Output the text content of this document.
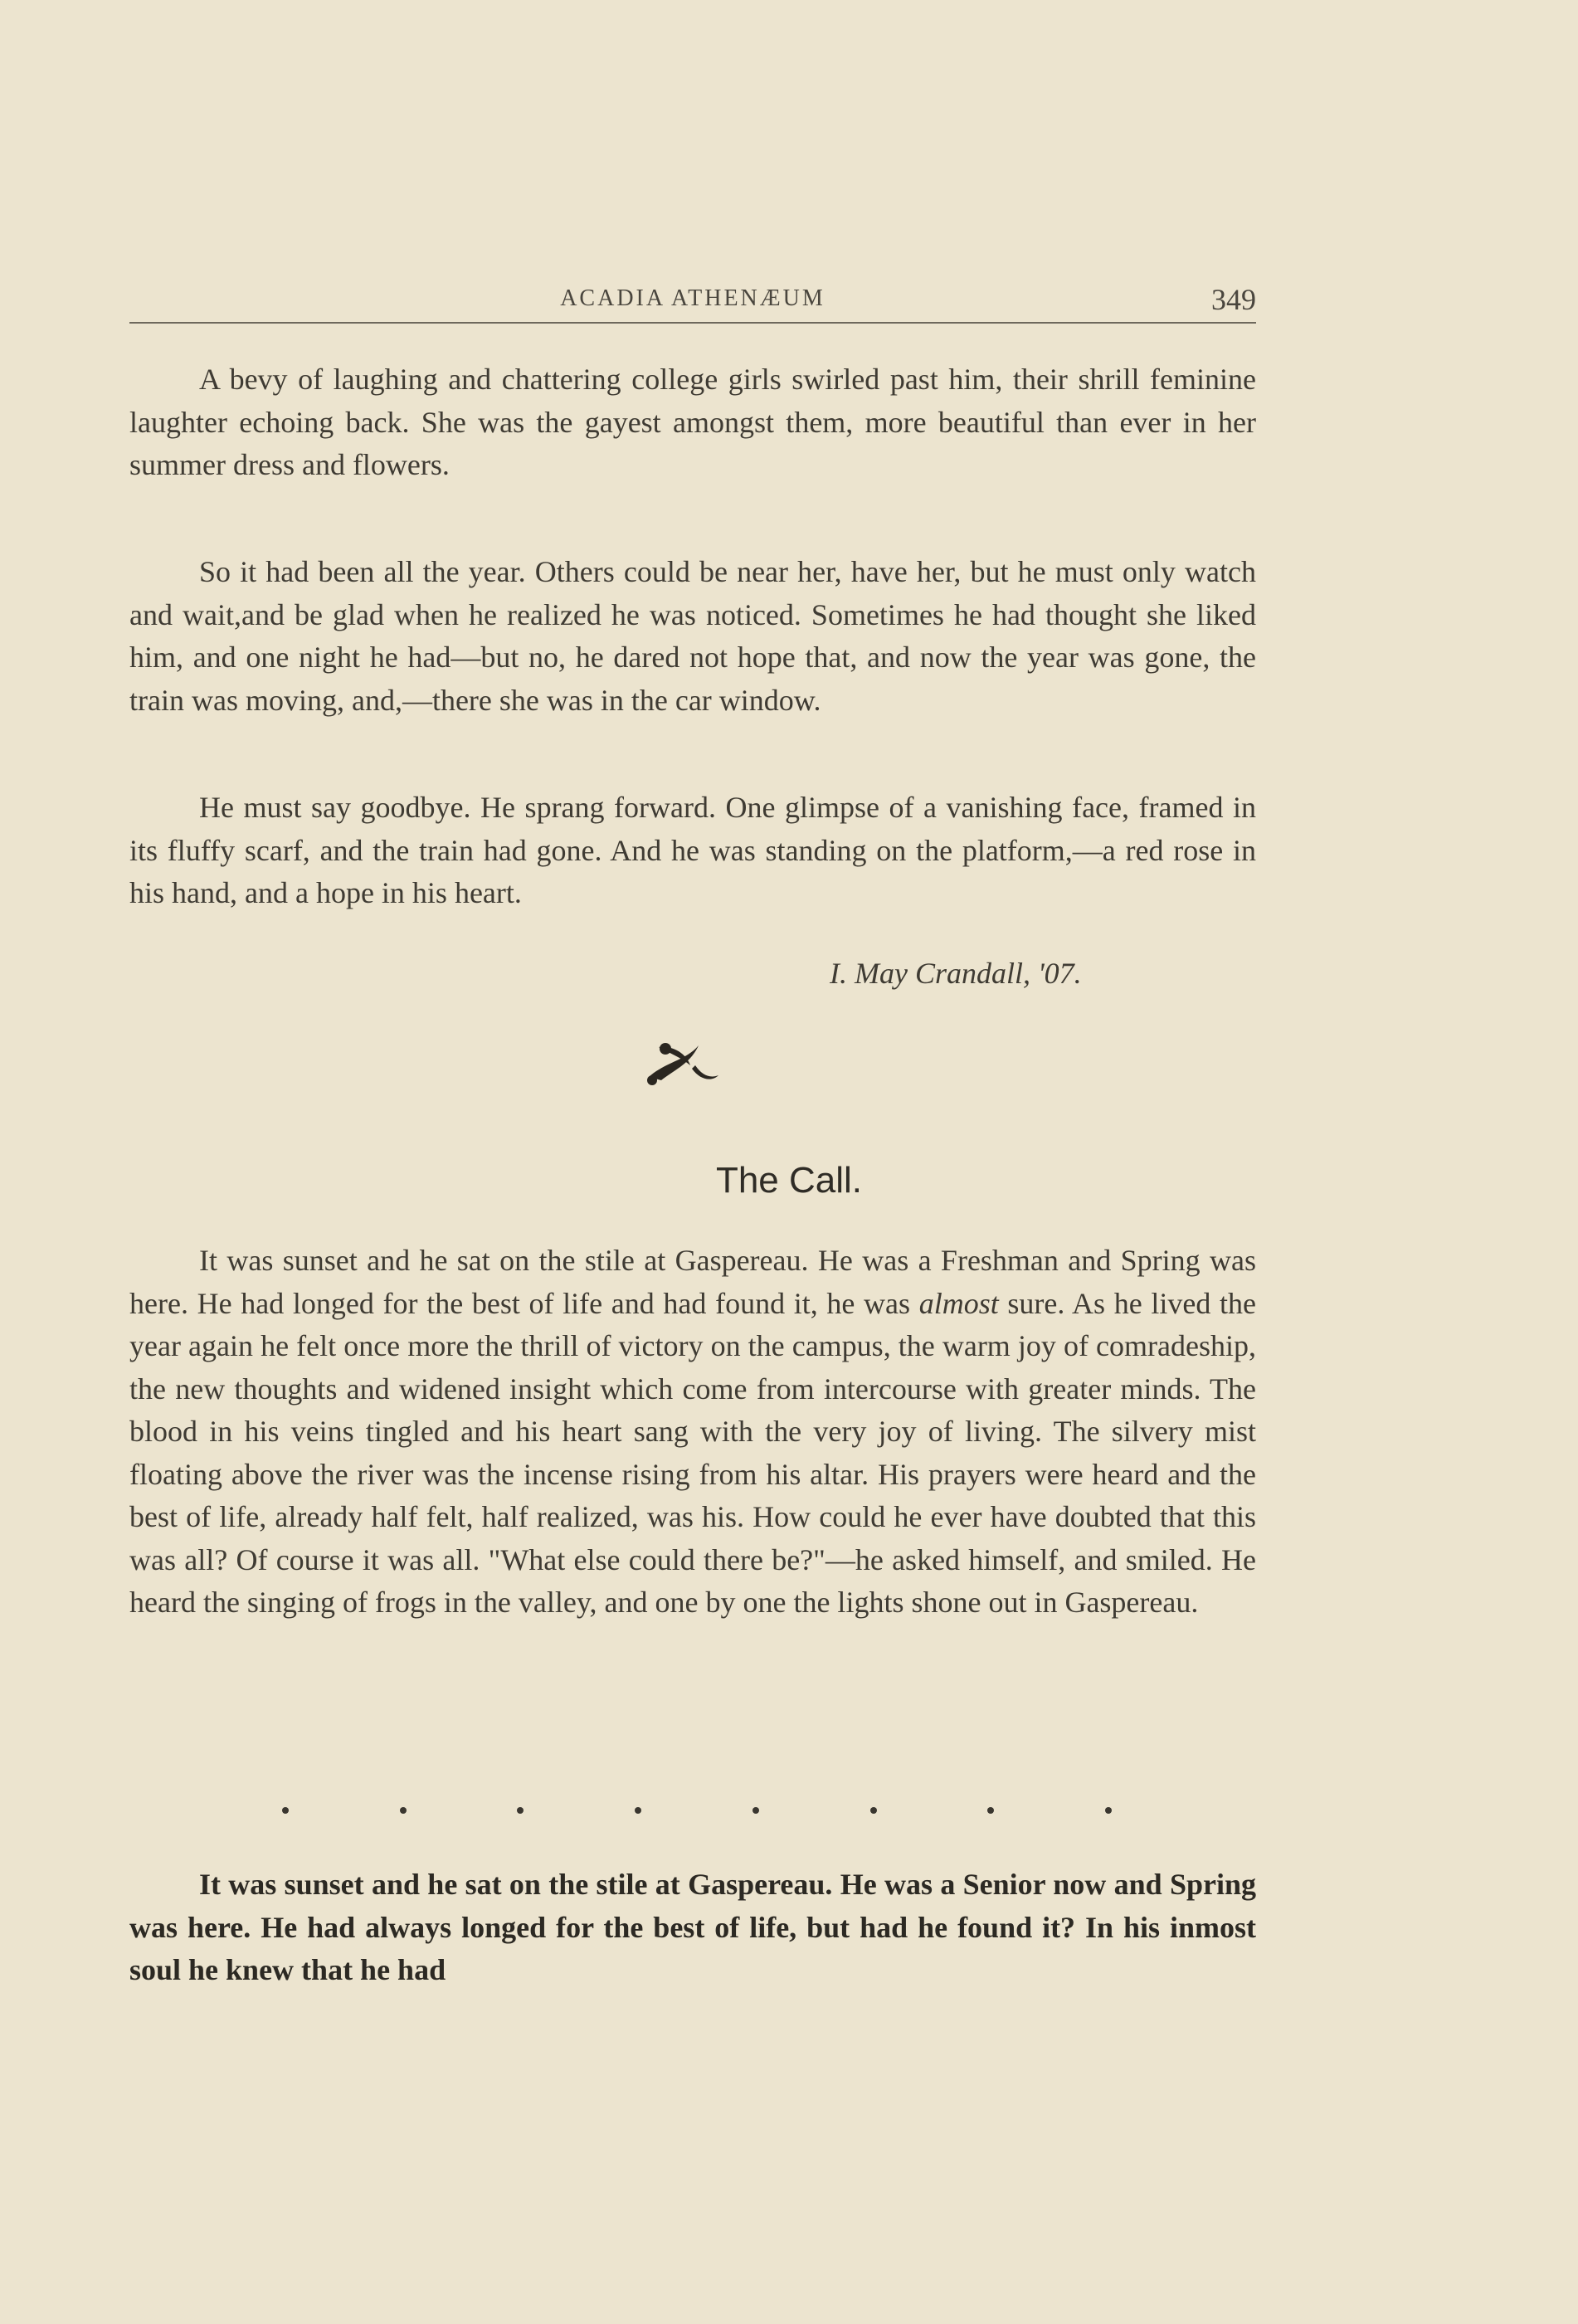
ACADIA ATHENÆUM	349

A bevy of laughing and chattering college girls swirled past him, their shrill feminine laughter echoing back. She was the gayest amongst them, more beautiful than ever in her summer dress and flowers.

So it had been all the year. Others could be near her, have her, but he must only watch and wait,and be glad when he realized he was noticed. Sometimes he had thought she liked him, and one night he had—but no, he dared not hope that, and now the year was gone, the train was moving, and,—there she was in the car window.

He must say goodbye. He sprang forward. One glimpse of a vanishing face, framed in its fluffy scarf, and the train had gone. And he was standing on the platform,—a red rose in his hand, and a hope in his heart.

I. May Crandall, '07.
The Call.

It was sunset and he sat on the stile at Gaspereau. He was a Freshman and Spring was here. He had longed for the best of life and had found it, he was almost sure. As he lived the year again he felt once more the thrill of victory on the campus, the warm joy of comradeship, the new thoughts and widened insight which come from intercourse with greater minds. The blood in his veins tingled and his heart sang with the very joy of living. The silvery mist floating above the river was the incense rising from his altar. His prayers were heard and the best of life, already half felt, half realized, was his. How could he ever have doubted that this was all? Of course it was all. "What else could there be?"—he asked himself, and smiled. He heard the singing of frogs in the valley, and one by one the lights shone out in Gaspereau.

It was sunset and he sat on the stile at Gaspereau. He was a Senior now and Spring was here. He had always longed for the best of life, but had he found it? In his inmost soul he knew that he had
